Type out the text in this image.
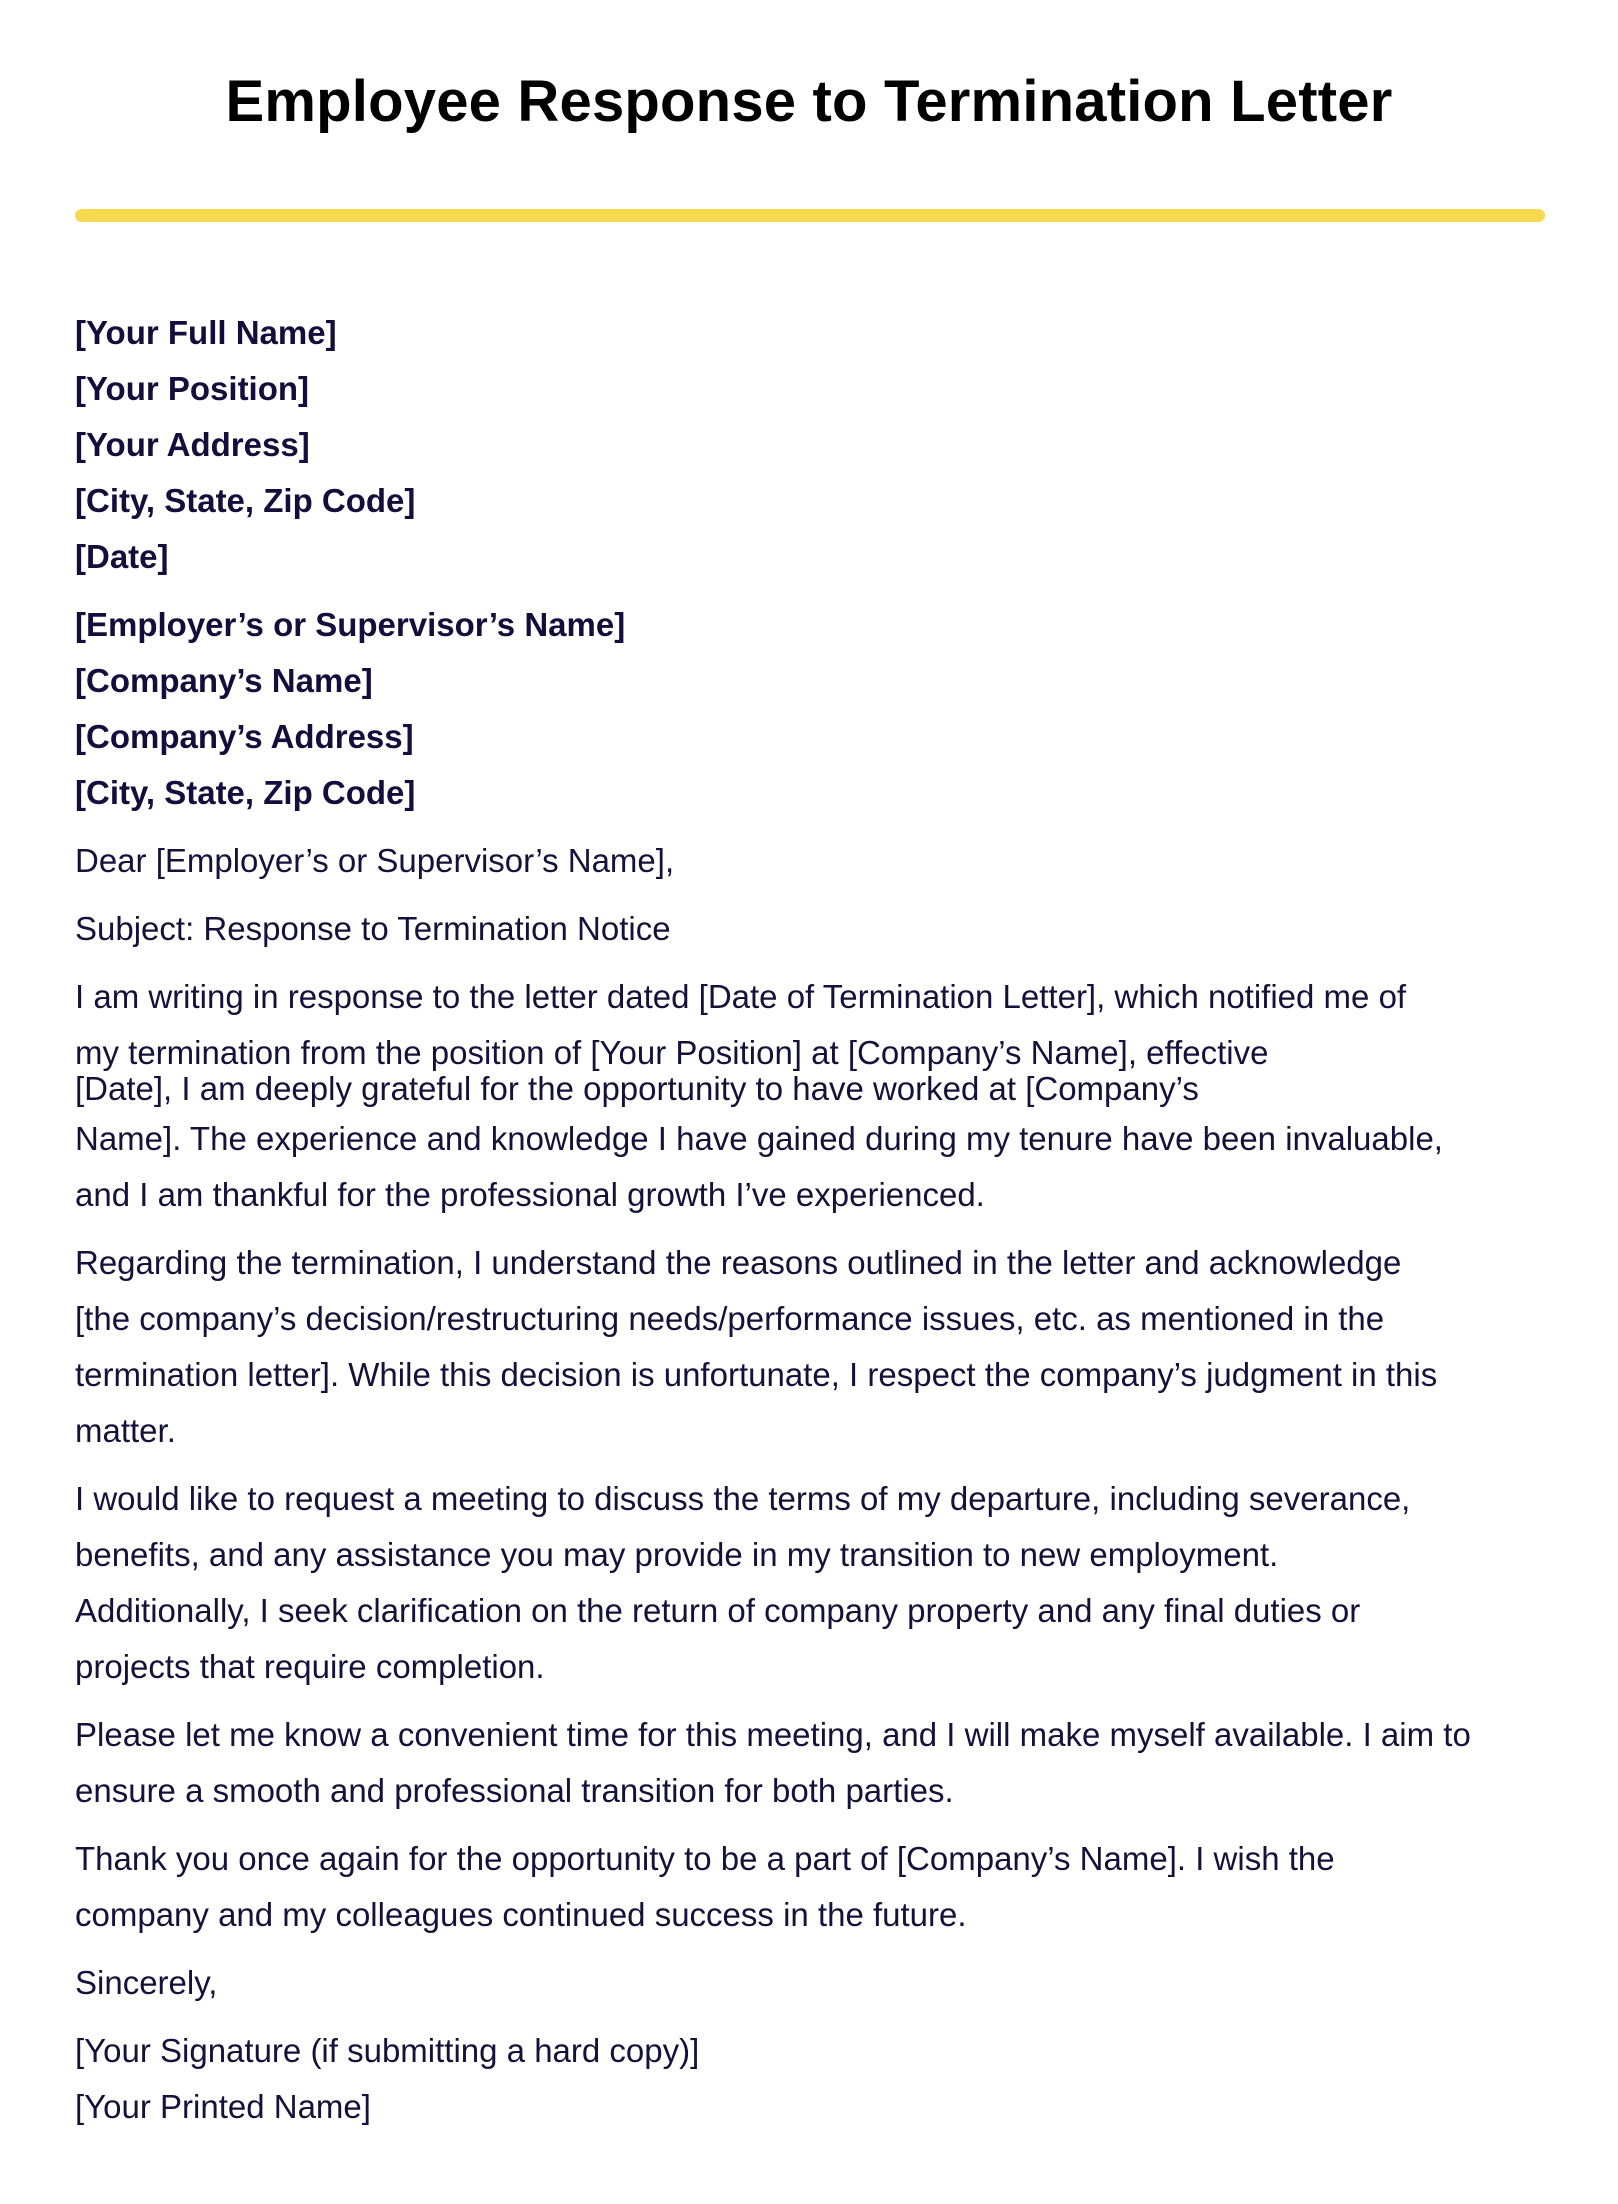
Employee Response to Termination Letter
[Your Full Name]
[Your Position]
[Your Address]
[City, State, Zip Code]
[Date]
[Employer’s or Supervisor’s Name]
[Company’s Name]
[Company’s Address]
[City, State, Zip Code]
Dear [Employer’s or Supervisor’s Name],
Subject: Response to Termination Notice
I am writing in response to the letter dated [Date of Termination Letter], which notified me of
my termination from the position of [Your Position] at [Company’s Name], effective
[Date], I am deeply grateful for the opportunity to have worked at [Company’s
Name]. The experience and knowledge I have gained during my tenure have been invaluable,
and I am thankful for the professional growth I’ve experienced.
Regarding the termination, I understand the reasons outlined in the letter and acknowledge
[the company’s decision/restructuring needs/performance issues, etc. as mentioned in the
termination letter]. While this decision is unfortunate, I respect the company’s judgment in this
matter.
I would like to request a meeting to discuss the terms of my departure, including severance,
benefits, and any assistance you may provide in my transition to new employment.
Additionally, I seek clarification on the return of company property and any final duties or
projects that require completion.
Please let me know a convenient time for this meeting, and I will make myself available. I aim to
ensure a smooth and professional transition for both parties.
Thank you once again for the opportunity to be a part of [Company’s Name]. I wish the
company and my colleagues continued success in the future.
Sincerely,
[Your Signature (if submitting a hard copy)]
[Your Printed Name]
